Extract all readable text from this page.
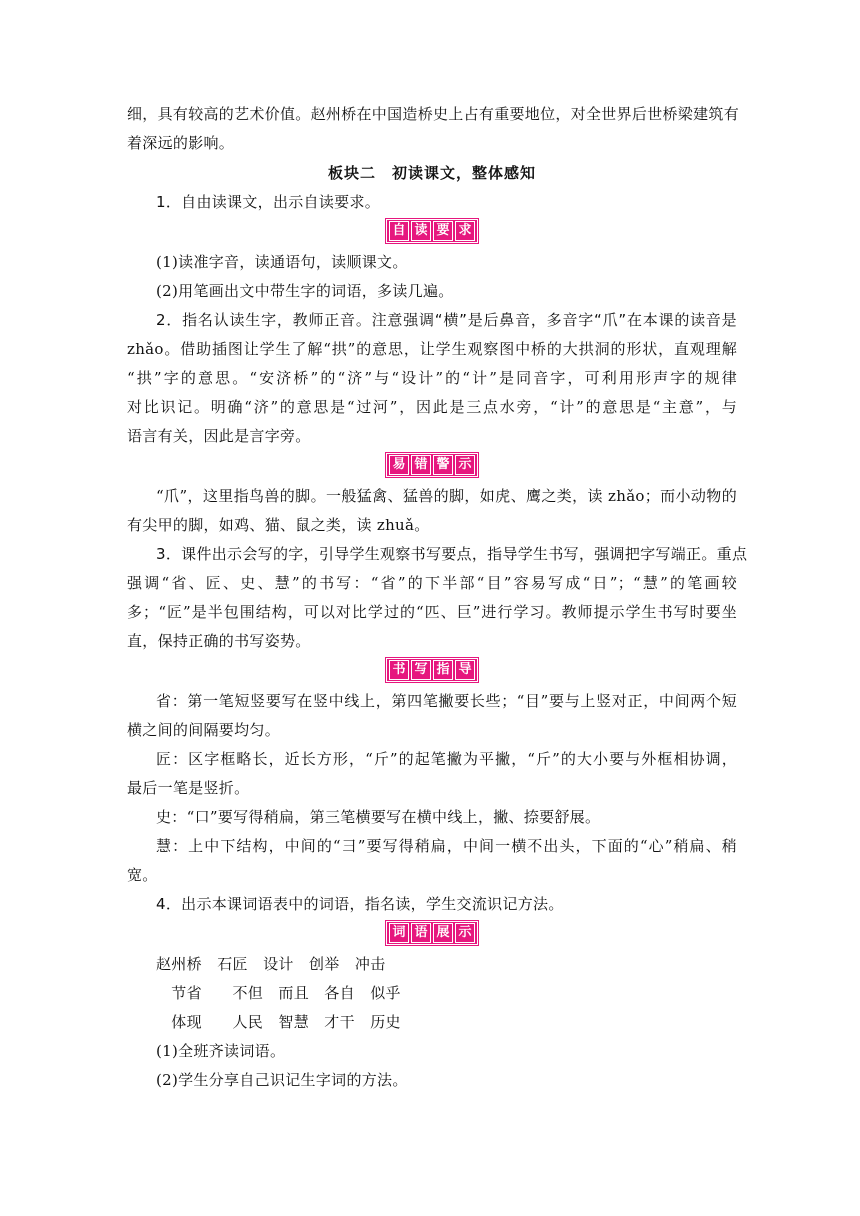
细，具有较高的艺术价值。赵州桥在中国造桥史上占有重要地位，对全世界后世桥梁建筑有
着深远的影响。
板块二　初读课文，整体感知
1．自由读课文，出示自读要求。
自 读 要 求
(1)读准字音，读通语句，读顺课文。
(2)用笔画出文中带生字的词语，多读几遍。
2．指名认读生字，教师正音。注意强调“横”是后鼻音，多音字“爪”在本课的读音是
zhǎo。借助插图让学生了解“拱”的意思，让学生观察图中桥的大拱洞的形状，直观理解
“拱”字的意思。“安济桥”的“济”与“设计”的“计”是同音字，可利用形声字的规律
对比识记。明确“济”的意思是“过河”，因此是三点水旁，“计”的意思是“主意”，与
语言有关，因此是言字旁。
易 错 警 示
“爪”，这里指鸟兽的脚。一般猛禽、猛兽的脚，如虎、鹰之类，读 zhǎo；而小动物的
有尖甲的脚，如鸡、猫、鼠之类，读 zhuǎ。
3．课件出示会写的字，引导学生观察书写要点，指导学生书写，强调把字写端正。重点
强调“省、匠、史、慧”的书写：“省”的下半部“目”容易写成“日”；“慧”的笔画较
多；“匠”是半包围结构，可以对比学过的“匹、巨”进行学习。教师提示学生书写时要坐
直，保持正确的书写姿势。
书 写 指 导
省：第一笔短竖要写在竖中线上，第四笔撇要长些；“目”要与上竖对正，中间两个短
横之间的间隔要均匀。
匠：区字框略长，近长方形，“斤”的起笔撇为平撇，“斤”的大小要与外框相协调，
最后一笔是竖折。
史：“口”要写得稍扁，第三笔横要写在横中线上，撇、捺要舒展。
慧：上中下结构，中间的“彐”要写得稍扁，中间一横不出头，下面的“心”稍扁、稍
宽。
4．出示本课词语表中的词语，指名读，学生交流识记方法。
词 语 展 示
赵州桥　石匠　设计　创举　冲击
　节省　　不但　而且　各自　似乎
　体现　　人民　智慧　才干　历史
(1)全班齐读词语。
(2)学生分享自己识记生字词的方法。
